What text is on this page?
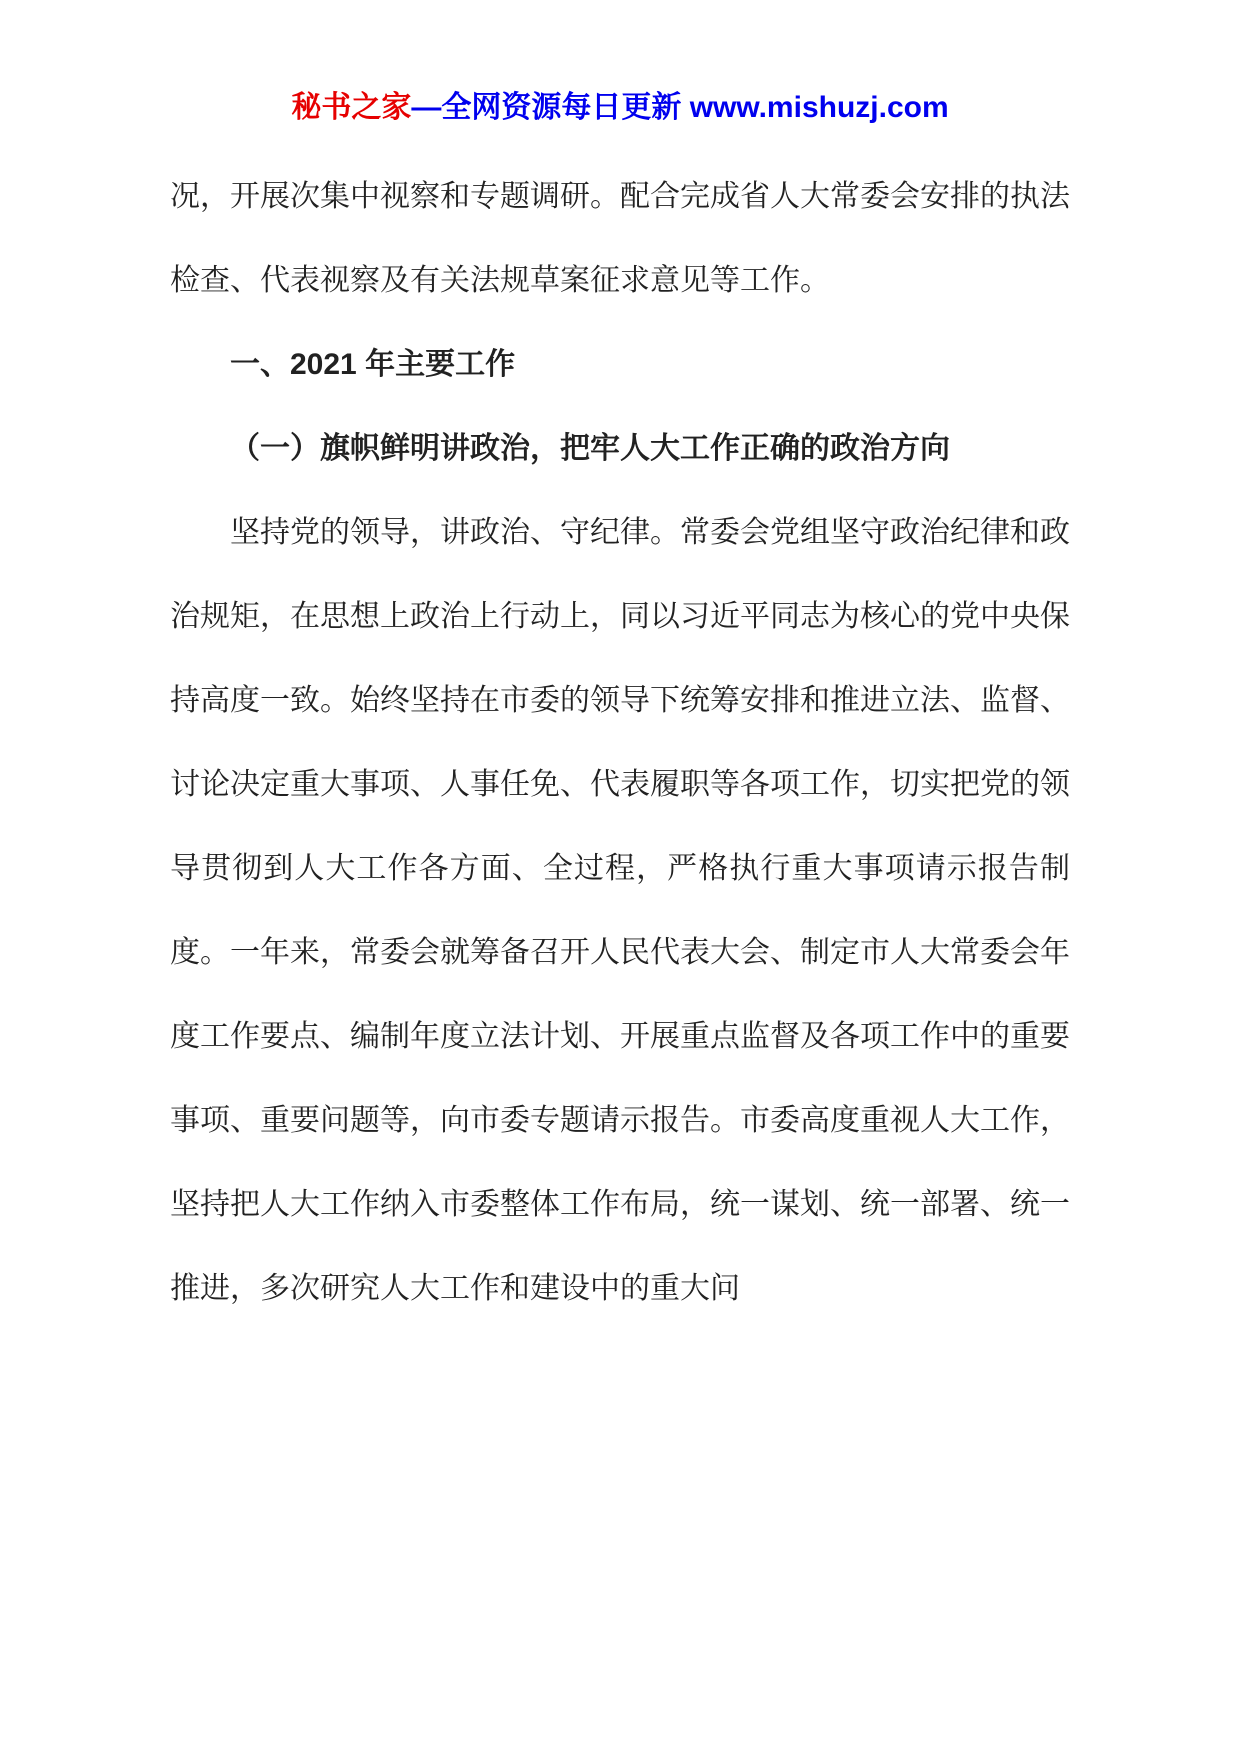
秘书之家—全网资源每日更新 www.mishuzj.com

况，开展次集中视察和专题调研。配合完成省人大常委会安排的执法检查、代表视察及有关法规草案征求意见等工作。

一、2021 年主要工作

（一）旗帜鲜明讲政治，把牢人大工作正确的政治方向

坚持党的领导，讲政治、守纪律。常委会党组坚守政治纪律和政治规矩，在思想上政治上行动上，同以习近平同志为核心的党中央保持高度一致。始终坚持在市委的领导下统筹安排和推进立法、监督、讨论决定重大事项、人事任免、代表履职等各项工作，切实把党的领导贯彻到人大工作各方面、全过程，严格执行重大事项请示报告制度。一年来，常委会就筹备召开人民代表大会、制定市人大常委会年度工作要点、编制年度立法计划、开展重点监督及各项工作中的重要事项、重要问题等，向市委专题请示报告。市委高度重视人大工作，坚持把人大工作纳入市委整体工作布局，统一谋划、统一部署、统一推进，多次研究人大工作和建设中的重大问
